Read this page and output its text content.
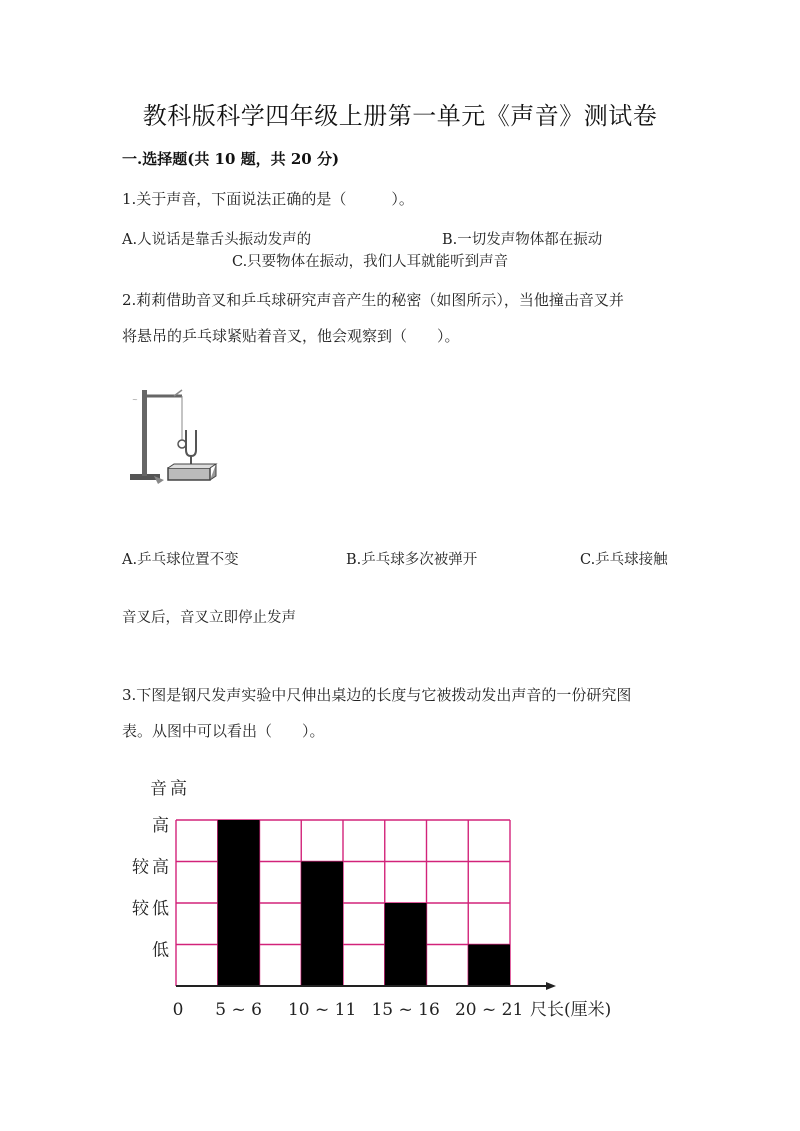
教科版科学四年级上册第一单元《声音》测试卷
一.选择题(共 10 题，共 20 分)
1.关于声音，下面说法正确的是（　　　）。
A.人说话是靠舌头振动发声的	B.一切发声物体都在振动
C.只要物体在振动，我们人耳就能听到声音
2.莉莉借助音叉和乒乓球研究声音产生的秘密（如图所示），当他撞击音叉并
将悬吊的乒乓球紧贴着音叉，他会观察到（　　）。
~
A.乒乓球位置不变	B.乒乓球多次被弹开	C.乒乓球接触
音叉后，音叉立即停止发声
3.下图是钢尺发声实验中尺伸出桌边的长度与它被拨动发出声音的一份研究图
表。从图中可以看出（　　）。
音高
尺长(厘米)
0
低
较低
较高
高
5 ~ 6 10 ~ 11 15 ~ 16 20 ~ 21
